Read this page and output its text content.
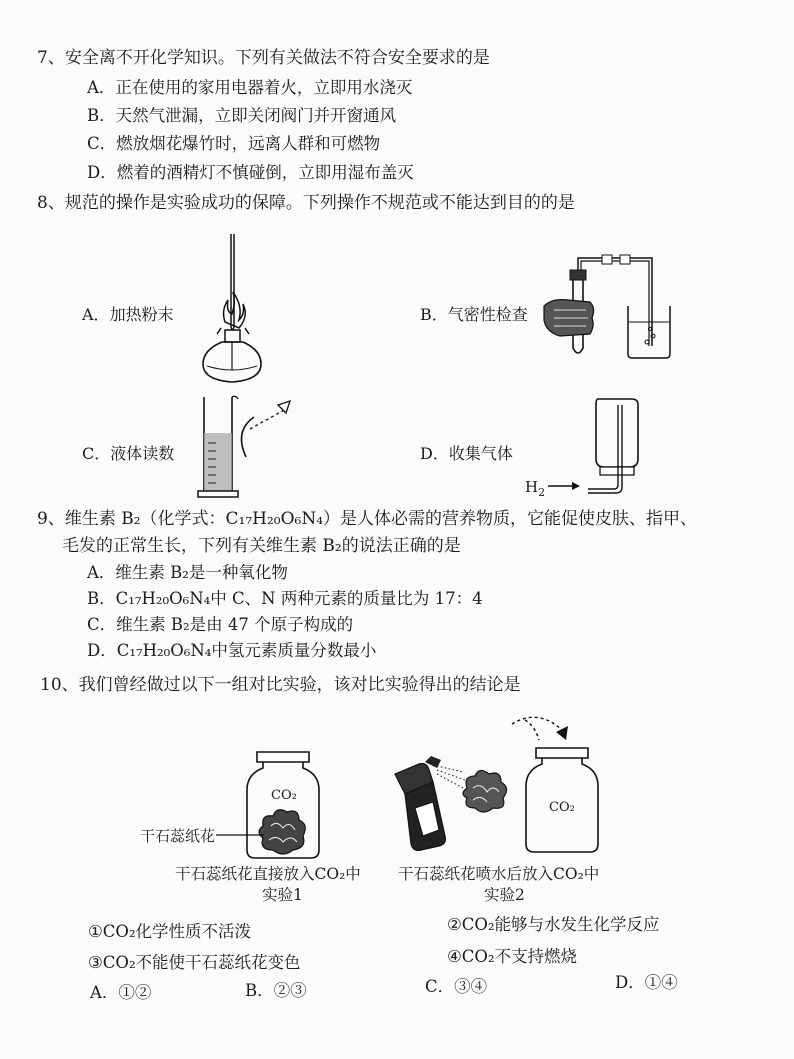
7、安全离不开化学知识。下列有关做法不符合安全要求的是
A．正在使用的家用电器着火，立即用水浇灭
B．天然气泄漏，立即关闭阀门并开窗通风
C．燃放烟花爆竹时，远离人群和可燃物
D．燃着的酒精灯不慎碰倒，立即用湿布盖灭
8、规范的操作是实验成功的保障。下列操作不规范或不能达到目的的是
A．加热粉末	B．气密性检查
C．液体读数	D．收集气体
$H_2$
9、维生素 B₂（化学式：C₁₇H₂₀O₆N₄）是人体必需的营养物质，它能促使皮肤、指甲、
毛发的正常生长，下列有关维生素 B₂的说法正确的是
A．维生素 B₂是一种氧化物
B．C₁₇H₂₀O₆N₄中 C、N 两种元素的质量比为 17：4
C．维生素 B₂是由 47 个原子构成的
D．C₁₇H₂₀O₆N₄中氢元素质量分数最小
10、我们曾经做过以下一组对比实验，该对比实验得出的结论是
CO₂
干石蕊纸花
CO₂
干石蕊纸花直接放入CO₂中
实验1
干石蕊纸花喷水后放入CO₂中
实验2
①CO₂化学性质不活泼	②CO₂能够与水发生化学反应
③CO₂不能使干石蕊纸花变色	④CO₂不支持燃烧
A．①②	B．②③	C．③④	D．①④
